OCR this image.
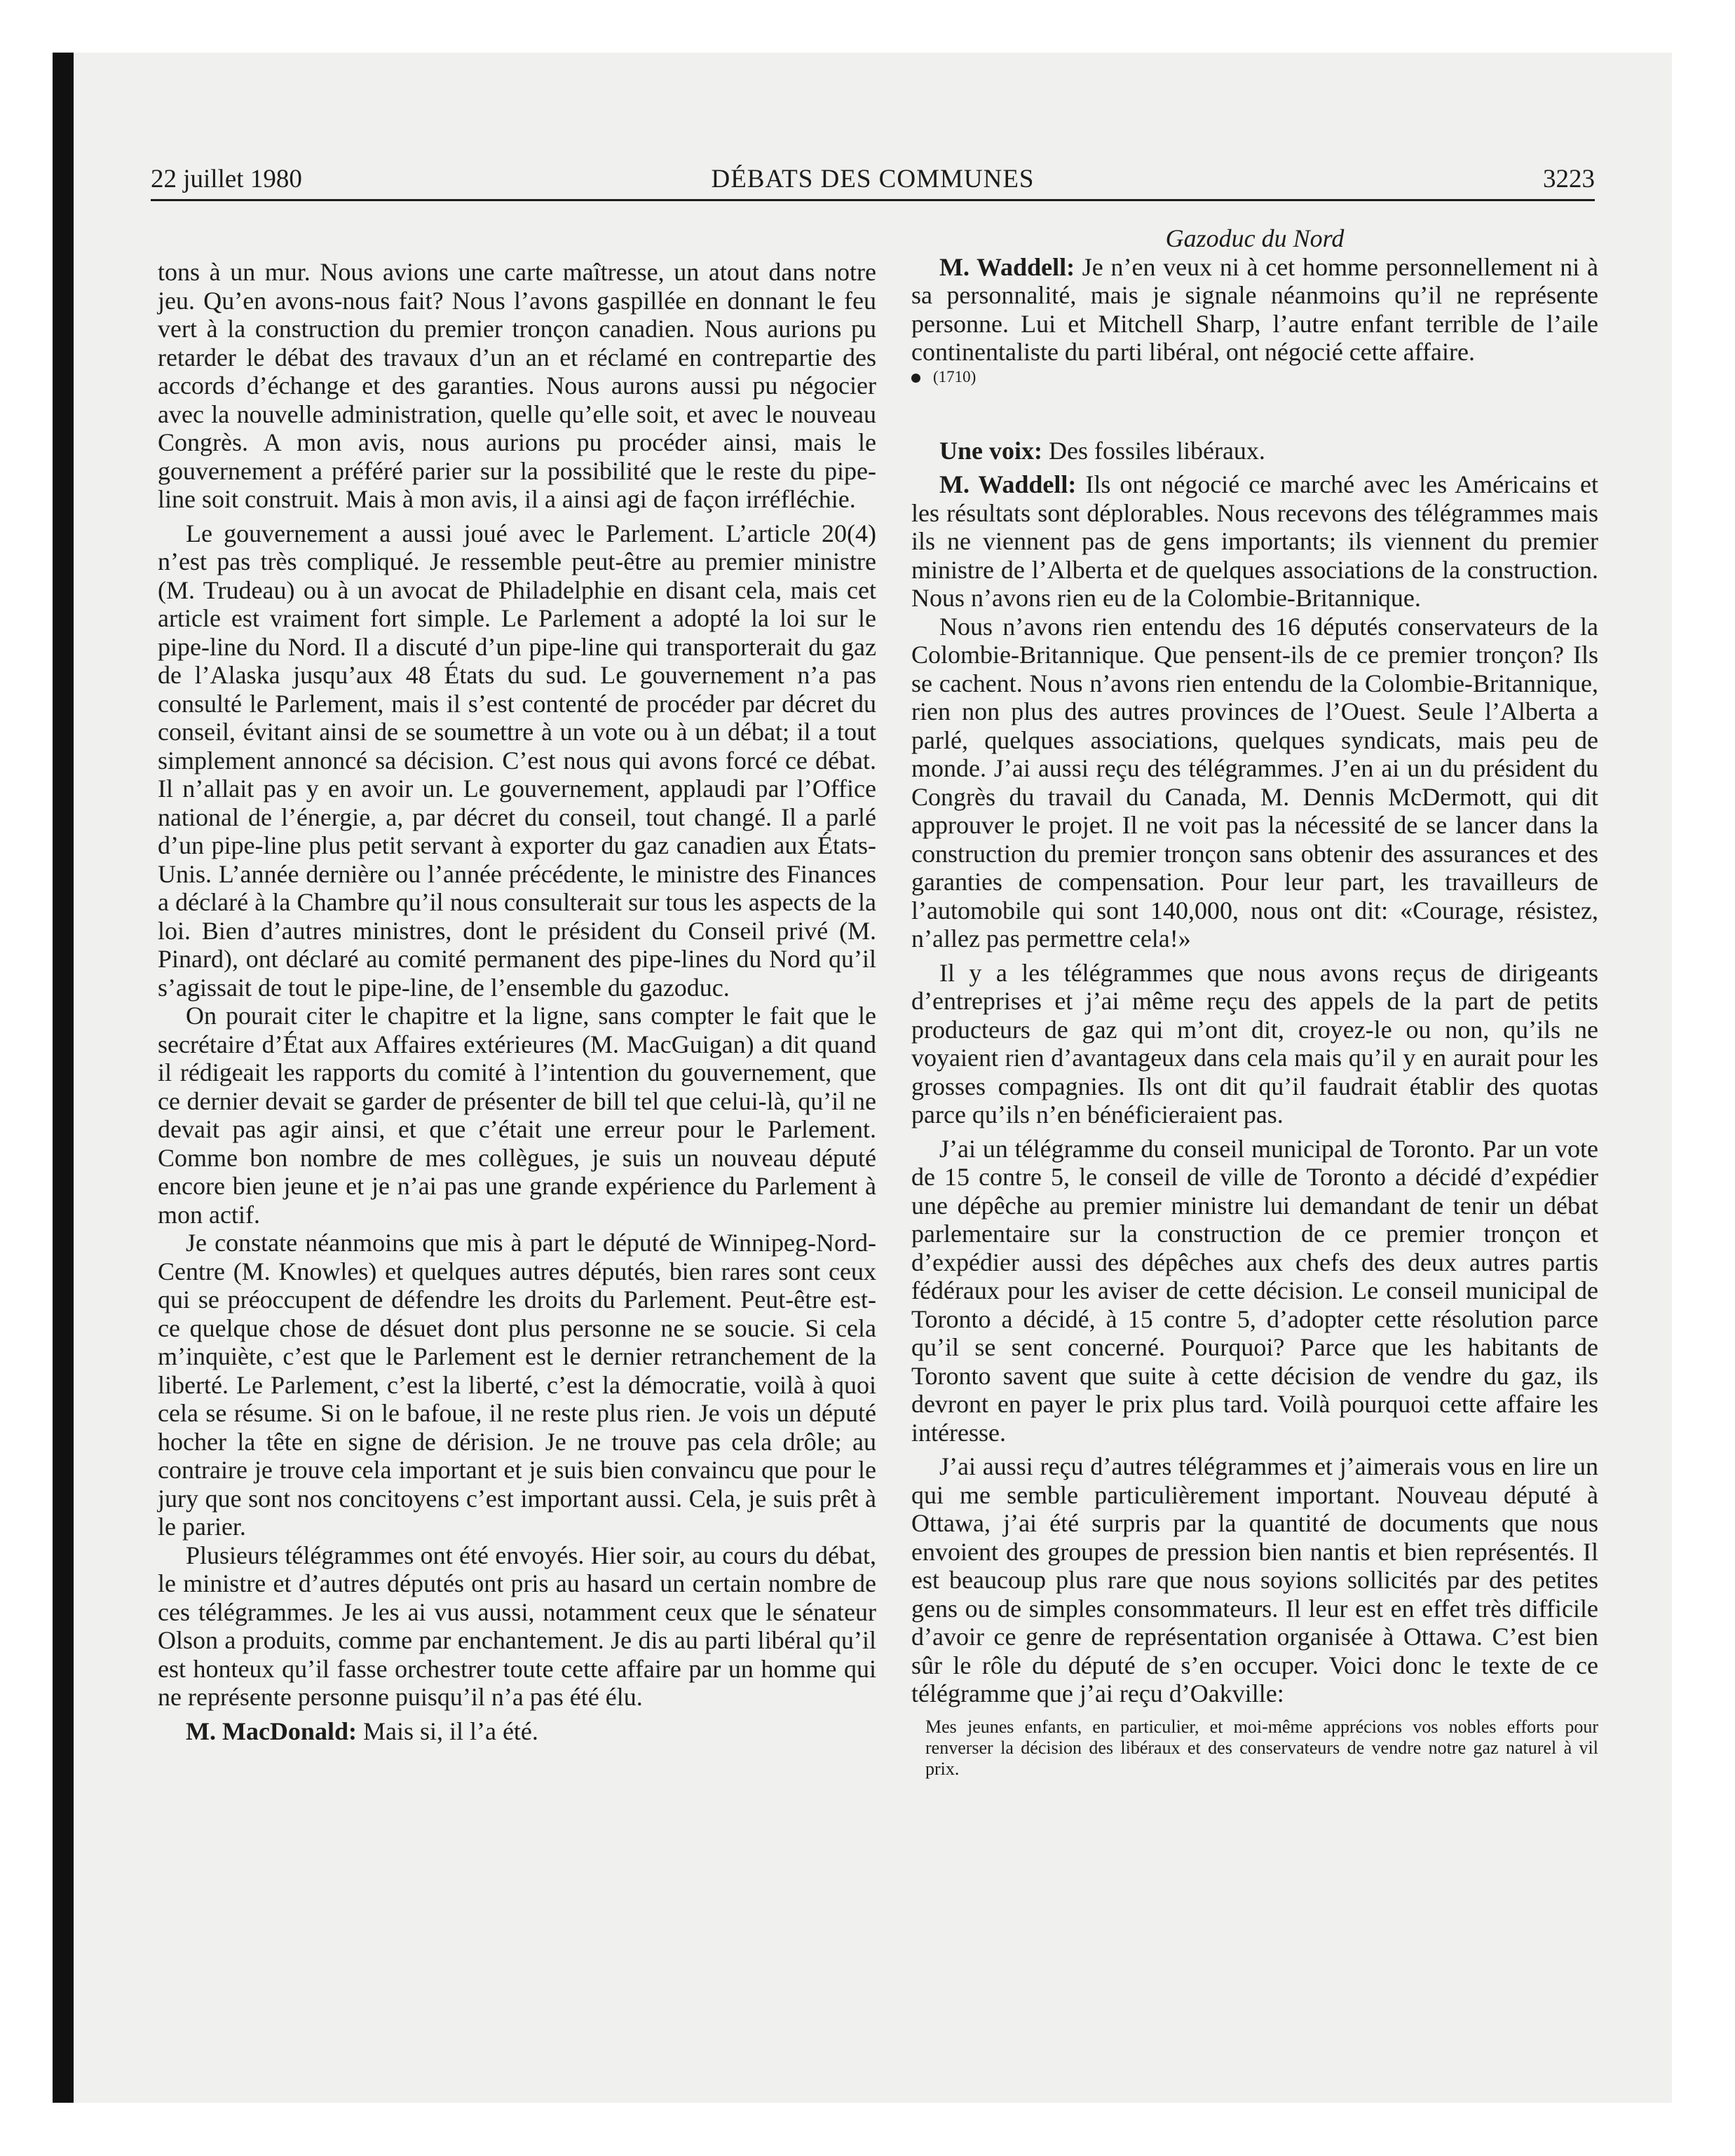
22 juillet 1980	DÉBATS DES COMMUNES	3223

tons à un mur. Nous avions une carte maîtresse, un atout dans notre jeu. Qu’en avons-nous fait? Nous l’avons gaspillée en donnant le feu vert à la construction du premier tronçon canadien. Nous aurions pu retarder le débat des travaux d’un an et réclamé en contrepartie des accords d’échange et des garanties. Nous aurons aussi pu négocier avec la nouvelle administration, quelle qu’elle soit, et avec le nouveau Congrès. A mon avis, nous aurions pu procéder ainsi, mais le gouvernement a préféré parier sur la possibilité que le reste du pipe-line soit construit. Mais à mon avis, il a ainsi agi de façon irréfléchie.

Le gouvernement a aussi joué avec le Parlement. L’article 20(4) n’est pas très compliqué. Je ressemble peut-être au premier ministre (M. Trudeau) ou à un avocat de Philadelphie en disant cela, mais cet article est vraiment fort simple. Le Parlement a adopté la loi sur le pipe-line du Nord. Il a discuté d’un pipe-line qui transporterait du gaz de l’Alaska jusqu’aux 48 États du sud. Le gouvernement n’a pas consulté le Parlement, mais il s’est contenté de procéder par décret du conseil, évitant ainsi de se soumettre à un vote ou à un débat; il a tout simplement annoncé sa décision. C’est nous qui avons forcé ce débat. Il n’allait pas y en avoir un. Le gouvernement, applaudi par l’Office national de l’énergie, a, par décret du conseil, tout changé. Il a parlé d’un pipe-line plus petit servant à exporter du gaz canadien aux États-Unis. L’année dernière ou l’année précédente, le ministre des Finances a déclaré à la Chambre qu’il nous consulterait sur tous les aspects de la loi. Bien d’autres ministres, dont le président du Conseil privé (M. Pinard), ont déclaré au comité permanent des pipe-lines du Nord qu’il s’agissait de tout le pipe-line, de l’ensemble du gazoduc.

On pourait citer le chapitre et la ligne, sans compter le fait que le secrétaire d’État aux Affaires extérieures (M. MacGuigan) a dit quand il rédigeait les rapports du comité à l’intention du gouvernement, que ce dernier devait se garder de présenter de bill tel que celui-là, qu’il ne devait pas agir ainsi, et que c’était une erreur pour le Parlement. Comme bon nombre de mes collègues, je suis un nouveau député encore bien jeune et je n’ai pas une grande expérience du Parlement à mon actif.

Je constate néanmoins que mis à part le député de Winnipeg-Nord-Centre (M. Knowles) et quelques autres députés, bien rares sont ceux qui se préoccupent de défendre les droits du Parlement. Peut-être est-ce quelque chose de désuet dont plus personne ne se soucie. Si cela m’inquiète, c’est que le Parlement est le dernier retranchement de la liberté. Le Parlement, c’est la liberté, c’est la démocratie, voilà à quoi cela se résume. Si on le bafoue, il ne reste plus rien. Je vois un député hocher la tête en signe de dérision. Je ne trouve pas cela drôle; au contraire je trouve cela important et je suis bien convaincu que pour le jury que sont nos concitoyens c’est important aussi. Cela, je suis prêt à le parier.

Plusieurs télégrammes ont été envoyés. Hier soir, au cours du débat, le ministre et d’autres députés ont pris au hasard un certain nombre de ces télégrammes. Je les ai vus aussi, notamment ceux que le sénateur Olson a produits, comme par enchantement. Je dis au parti libéral qu’il est honteux qu’il fasse orchestrer toute cette affaire par un homme qui ne représente personne puisqu’il n’a pas été élu.

M. MacDonald: Mais si, il l’a été.

Gazoduc du Nord

M. Waddell: Je n’en veux ni à cet homme personnellement ni à sa personnalité, mais je signale néanmoins qu’il ne représente personne. Lui et Mitchell Sharp, l’autre enfant terrible de l’aile continentaliste du parti libéral, ont négocié cette affaire.

(1710)

Une voix: Des fossiles libéraux.

M. Waddell: Ils ont négocié ce marché avec les Américains et les résultats sont déplorables. Nous recevons des télégrammes mais ils ne viennent pas de gens importants; ils viennent du premier ministre de l’Alberta et de quelques associations de la construction. Nous n’avons rien eu de la Colombie-Britannique.

Nous n’avons rien entendu des 16 députés conservateurs de la Colombie-Britannique. Que pensent-ils de ce premier tronçon? Ils se cachent. Nous n’avons rien entendu de la Colombie-Britannique, rien non plus des autres provinces de l’Ouest. Seule l’Alberta a parlé, quelques associations, quelques syndicats, mais peu de monde. J’ai aussi reçu des télégrammes. J’en ai un du président du Congrès du travail du Canada, M. Dennis McDermott, qui dit approuver le projet. Il ne voit pas la nécessité de se lancer dans la construction du premier tronçon sans obtenir des assurances et des garanties de compensation. Pour leur part, les travailleurs de l’automobile qui sont 140,000, nous ont dit: «Courage, résistez, n’allez pas permettre cela!»

Il y a les télégrammes que nous avons reçus de dirigeants d’entreprises et j’ai même reçu des appels de la part de petits producteurs de gaz qui m’ont dit, croyez-le ou non, qu’ils ne voyaient rien d’avantageux dans cela mais qu’il y en aurait pour les grosses compagnies. Ils ont dit qu’il faudrait établir des quotas parce qu’ils n’en bénéficieraient pas.

J’ai un télégramme du conseil municipal de Toronto. Par un vote de 15 contre 5, le conseil de ville de Toronto a décidé d’expédier une dépêche au premier ministre lui demandant de tenir un débat parlementaire sur la construction de ce premier tronçon et d’expédier aussi des dépêches aux chefs des deux autres partis fédéraux pour les aviser de cette décision. Le conseil municipal de Toronto a décidé, à 15 contre 5, d’adopter cette résolution parce qu’il se sent concerné. Pourquoi? Parce que les habitants de Toronto savent que suite à cette décision de vendre du gaz, ils devront en payer le prix plus tard. Voilà pourquoi cette affaire les intéresse.

J’ai aussi reçu d’autres télégrammes et j’aimerais vous en lire un qui me semble particulièrement important. Nouveau député à Ottawa, j’ai été surpris par la quantité de documents que nous envoient des groupes de pression bien nantis et bien représentés. Il est beaucoup plus rare que nous soyions sollicités par des petites gens ou de simples consommateurs. Il leur est en effet très difficile d’avoir ce genre de représentation organisée à Ottawa. C’est bien sûr le rôle du député de s’en occuper. Voici donc le texte de ce télégramme que j’ai reçu d’Oakville:

Mes jeunes enfants, en particulier, et moi-même apprécions vos nobles efforts pour renverser la décision des libéraux et des conservateurs de vendre notre gaz naturel à vil prix.
